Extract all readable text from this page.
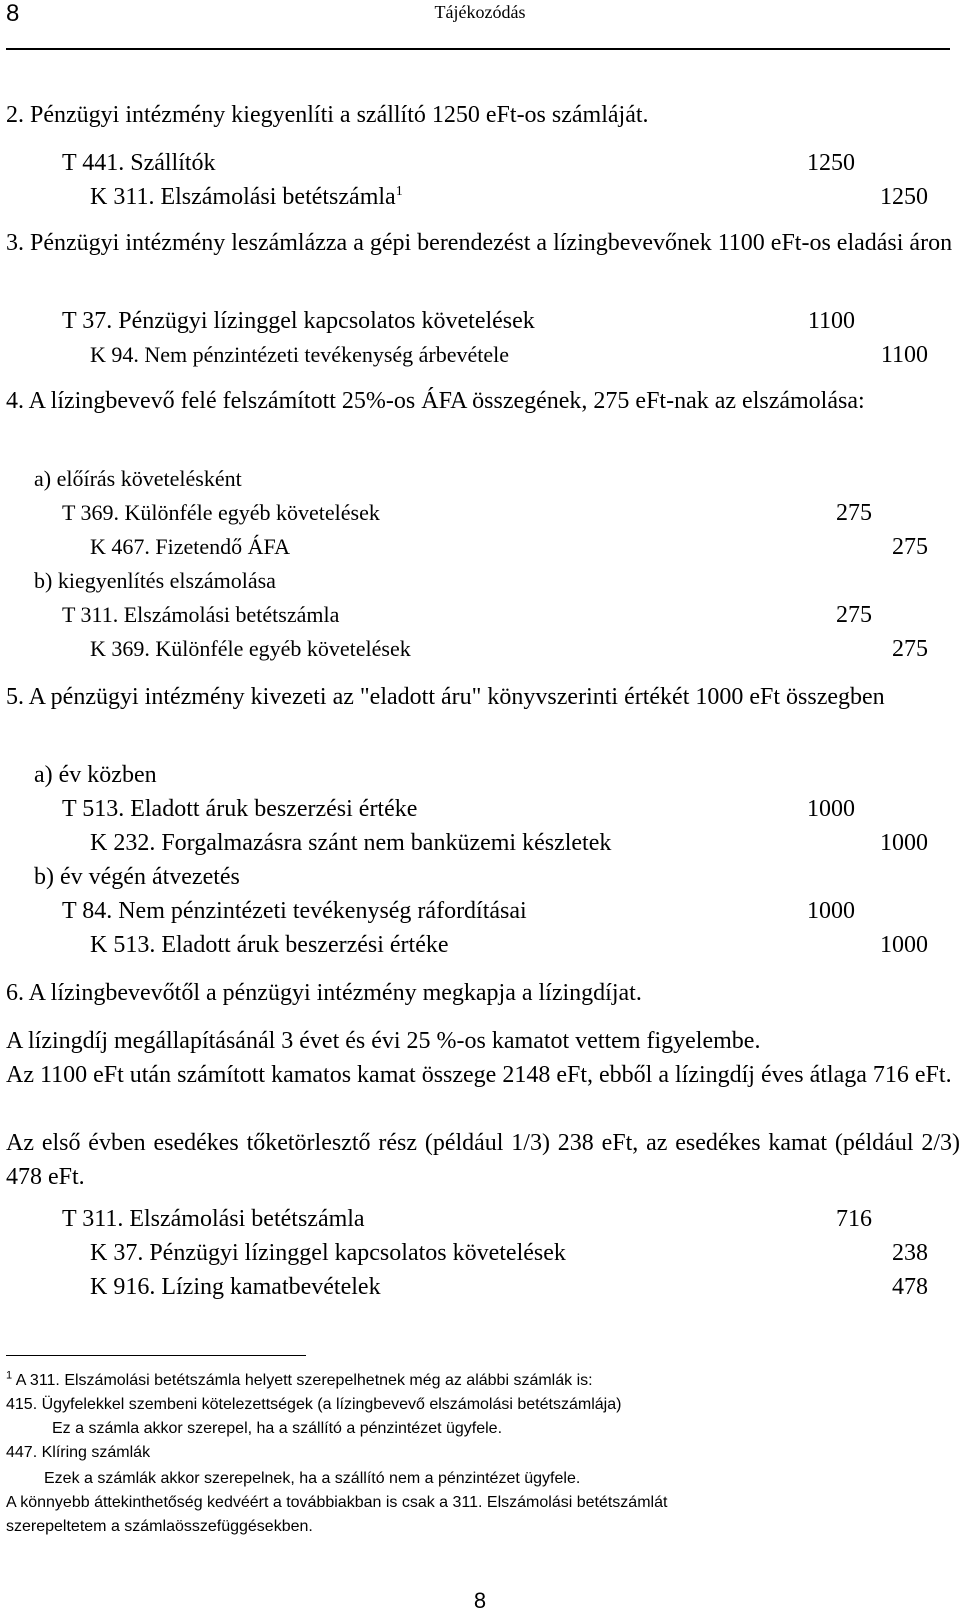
8	Tájékozódás
2. Pénzügyi intézmény kiegyenlíti a szállító 1250 eFt-os számláját.
T 441. Szállítók	1250
K 311. Elszámolási betétszámla$^1$	1250
3. Pénzügyi intézmény leszámlázza a gépi berendezést a lízingbevevőnek 1100 eFt-os eladási áron
T 37. Pénzügyi lízinggel kapcsolatos követelések	1100
K 94. Nem pénzintézeti tevékenység árbevétele	1100
4. A lízingbevevő felé felszámított 25%-os ÁFA összegének, 275 eFt-nak az elszámolása:
a) előírás követelésként
T 369. Különféle egyéb követelések	275
K 467. Fizetendő ÁFA	275
b) kiegyenlítés elszámolása
T 311. Elszámolási betétszámla	275
K 369. Különféle egyéb követelések	275
5. A pénzügyi intézmény kivezeti az "eladott áru" könyvszerinti értékét 1000 eFt összegben
a) év közben
T 513. Eladott áruk beszerzési értéke	1000
K 232. Forgalmazásra szánt nem banküzemi készletek	1000
b) év végén átvezetés
T 84. Nem pénzintézeti tevékenység ráfordításai	1000
K 513. Eladott áruk beszerzési értéke	1000
6. A lízingbevevőtől a pénzügyi intézmény megkapja a lízingdíjat.
A lízingdíj megállapításánál 3 évet és évi 25 %-os kamatot vettem figyelembe.
Az 1100 eFt után számított kamatos kamat összege 2148 eFt, ebből a lízingdíj éves átlaga 716 eFt.
Az első évben esedékes tőketörlesztő rész (például 1/3) 238 eFt, az esedékes kamat (például 2/3) 478 eFt.
T 311. Elszámolási betétszámla	716
K 37. Pénzügyi lízinggel kapcsolatos követelések	238
K 916. Lízing kamatbevételek	478
$^1$ A 311. Elszámolási betétszámla helyett szerepelhetnek még az alábbi számlák is:
415. Ügyfelekkel szembeni kötelezettségek (a lízingbevevő elszámolási betétszámlája)
Ez a számla akkor szerepel, ha a szállító a pénzintézet ügyfele.
447. Klíring számlák
Ezek a számlák akkor szerepelnek, ha a szállító nem a pénzintézet ügyfele.
A könnyebb áttekinthetőség kedvéért a továbbiakban is csak a 311. Elszámolási betétszámlát
szerepeltetem a számlaösszefüggésekben.
8
